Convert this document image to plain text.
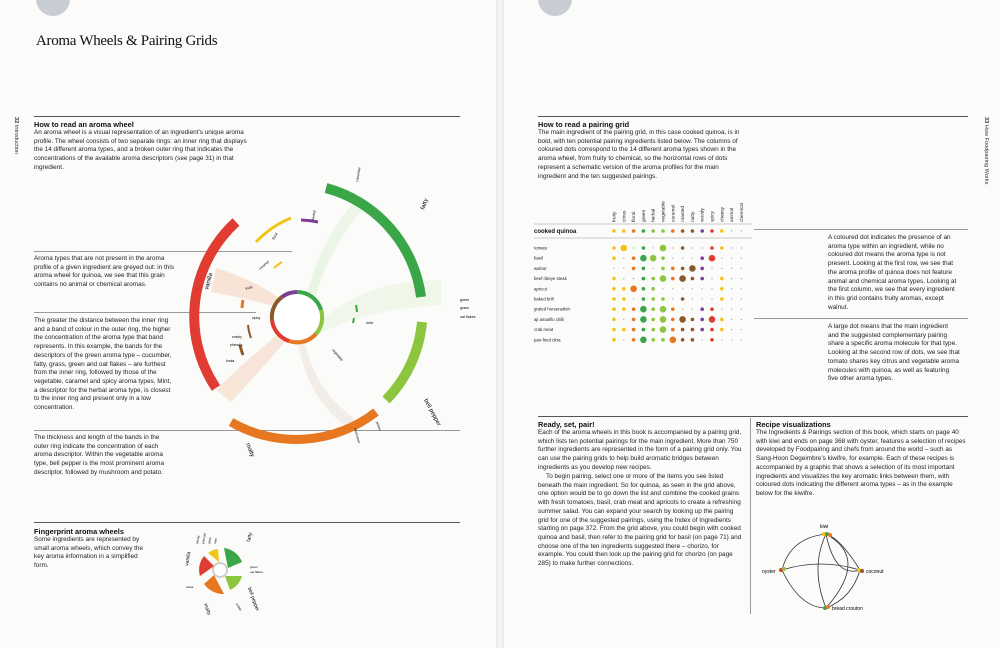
Aroma Wheels & Pairing Grids
32 Introduction
How to read an aroma wheel
An aroma wheel is a visual representation of an ingredient’s unique aroma profile. The wheel consists of two separate rings: an inner ring that displays the 14 different aroma types, and a broken outer ring that indicates the concentrations of the available aroma descriptors (see page 31) in that ingredient.
Aroma types that are not present in the aroma profile of a given ingredient are greyed out: in this aroma wheel for quinoa, we see that this grain contains no animal or chemical aromas.
The greater the distance between the inner ring and a band of colour in the outer ring, the higher the concentration of the aroma type that band represents. In this example, the bands for the descriptors of the green aroma type – cucumber, fatty, grass, green and oat flakes – are furthest from the inner ring, followed by those of the vegetable, caramel and spicy aroma types. Mint, a descriptor for the herbal aroma type, is closest to the inner ring and present only in a low concentration.
The thickness and length of the bands in the outer ring indicate the concentration of each aroma descriptor. Within the vegetable aroma type, bell pepper is the most prominent aroma descriptor, followed by mushroom and potato.
Fingerprint aroma wheels
Some ingredients are represented by small aroma wheels, which convey the key aroma information in a simplified form.
fatty
cucumber
vanilla
bell pepper
malty
mushroom
potato
green
grass
oat flakes
mint
spicy
smoky
phenolic
tonka
floral
herbal
caramel
vegetable
fruity
vanilla
fatty
smoky phenolic spicy mint
green
oat flakes
tonka	bell pepper
malty	potato
33 How Foodpairing Works
How to read a pairing grid
The main ingredient of the pairing grid, in this case cooked quinoa, is in bold, with ten potential pairing ingredients listed below. The columns of coloured dots correspond to the 14 different aroma types shown in the aroma wheel, from fruity to chemical, so the horizontal rows of dots represent a schematic version of the aroma profiles for the main ingredient and the ten suggested pairings.
fruity citrus floral green herbal vegetable caramel roasted nutty woody spicy cheesy animal chemical
cooked quinoa
tomato
basil
walnut
beef ribeye steak
apricot
baked brill
grated horseradish
aji amarillo chilli
crab meat
pan-fried okra
A coloured dot indicates the presence of an aroma type within an ingredient, while no coloured dot means the aroma type is not present. Looking at the first row, we see that the aroma profile of quinoa does not feature animal and chemical aroma types. Looking at the first column, we see that every ingredient in this grid contains fruity aromas, except walnut.
A large dot means that the main ingredient and the suggested complementary pairing share a specific aroma molecule for that type. Looking at the second row of dots, we see that tomato shares key citrus and vegetable aroma molecules with quinoa, as well as featuring five other aroma types.
Ready, set, pair!
Each of the aroma wheels in this book is accompanied by a pairing grid, which lists ten potential pairings for the main ingredient. More than 750 further ingredients are represented in the form of a pairing grid only. You can use the pairing grids to help build aromatic bridges between ingredients as you develop new recipes.
To begin pairing, select one or more of the items you see listed beneath the main ingredient. So for quinoa, as seen in the grid above, one option would be to go down the list and combine the cooked grains with fresh tomatoes, basil, crab meat and apricots to create a refreshing summer salad. You can expand your search by looking up the pairing grid for one of the suggested pairings, using the Index of Ingredients starting on page 372. From the grid above, you could begin with cooked quinoa and basil, then refer to the pairing grid for basil (on page 71) and choose one of the ten ingredients suggested there – chorizo, for example. You could then look up the pairing grid for chorizo (on page 285) to make further connections.
Recipe visualizations
The Ingredients & Pairings section of this book, which starts on page 40 with kiwi and ends on page 368 with oyster, features a selection of recipes developed by Foodpairing and chefs from around the world – such as Sang-Hoon Degeimbre’s kiwifre, for example. Each of these recipes is accompanied by a graphic that shows a selection of its most important ingredients and visualizes the key aromatic links between them, with coloured dots indicating the different aroma types – as in the example below for the kiwifre.
kiwi
oyster	coconut
bread crouton
